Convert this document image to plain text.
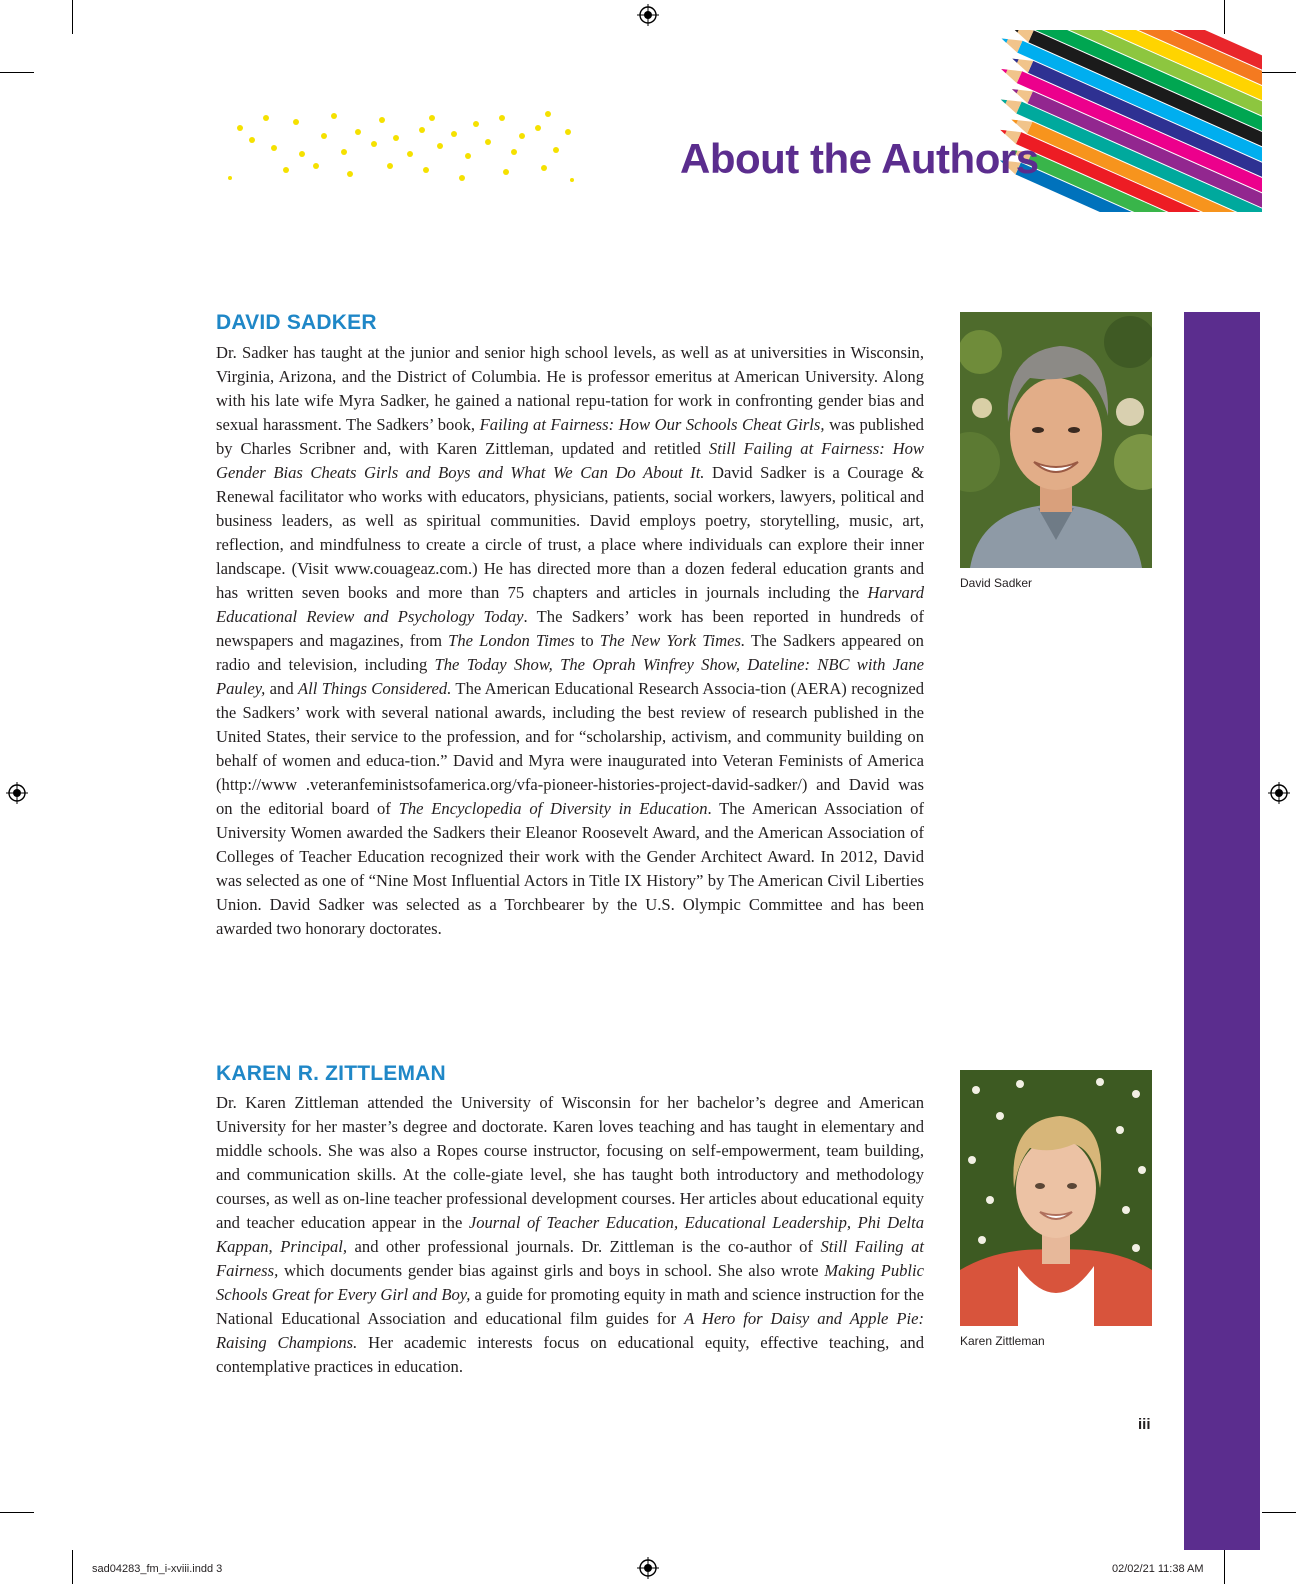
About the Authors
DAVID SADKER

Dr. Sadker has taught at the junior and senior high school levels, as well as at universities in Wisconsin, Virginia, Arizona, and the District of Columbia. He is professor emeritus at American University. Along with his late wife Myra Sadker, he gained a national repu-tation for work in confronting gender bias and sexual harassment. The Sadkers’ book, Failing at Fairness: How Our Schools Cheat Girls, was published by Charles Scribner and, with Karen Zittleman, updated and retitled Still Failing at Fairness: How Gender Bias Cheats Girls and Boys and What We Can Do About It. David Sadker is a Courage & Renewal facilitator who works with educators, physicians, patients, social workers, lawyers, political and business leaders, as well as spiritual communities. David employs poetry, storytelling, music, art, reflection, and mindfulness to create a circle of trust, a place where individuals can explore their inner landscape. (Visit www.couageaz.com.) He has directed more than a dozen federal education grants and has written seven books and more than 75 chapters and articles in journals including the Harvard Educational Review and Psychology Today. The Sadkers’ work has been reported in hundreds of newspapers and magazines, from The London Times to The New York Times. The Sadkers appeared on radio and television, including The Today Show, The Oprah Winfrey Show, Dateline: NBC with Jane Pauley, and All Things Considered. The American Educational Research Associa-tion (AERA) recognized the Sadkers’ work with several national awards, including the best review of research published in the United States, their service to the profession, and for “scholarship, activism, and community building on behalf of women and educa-tion.” David and Myra were inaugurated into Veteran Feminists of America (http://www .veteranfeministsofamerica.org/vfa-pioneer-histories-project-david-sadker/) and David was on the editorial board of The Encyclopedia of Diversity in Education. The American Association of University Women awarded the Sadkers their Eleanor Roosevelt Award, and the American Association of Colleges of Teacher Education recognized their work with the Gender Architect Award. In 2012, David was selected as one of “Nine Most Influential Actors in Title IX History” by The American Civil Liberties Union. David Sadker was selected as a Torchbearer by the U.S. Olympic Committee and has been awarded two honorary doctorates.

David Sadker

KAREN R. ZITTLEMAN

Dr. Karen Zittleman attended the University of Wisconsin for her bachelor’s degree and American University for her master’s degree and doctorate. Karen loves teaching and has taught in elementary and middle schools. She was also a Ropes course instructor, focusing on self-empowerment, team building, and communication skills. At the colle-giate level, she has taught both introductory and methodology courses, as well as on-line teacher professional development courses. Her articles about educational equity and teacher education appear in the Journal of Teacher Education, Educational Leadership, Phi Delta Kappan, Principal, and other professional journals. Dr. Zittleman is the co-author of Still Failing at Fairness, which documents gender bias against girls and boys in school. She also wrote Making Public Schools Great for Every Girl and Boy, a guide for promoting equity in math and science instruction for the National Educational Association and educational film guides for A Hero for Daisy and Apple Pie: Raising Champions. Her academic interests focus on educational equity, effective teaching, and contemplative practices in education.

Karen Zittleman

iii

sad04283_fm_i-xviii.indd 3	02/02/21 11:38 AM
